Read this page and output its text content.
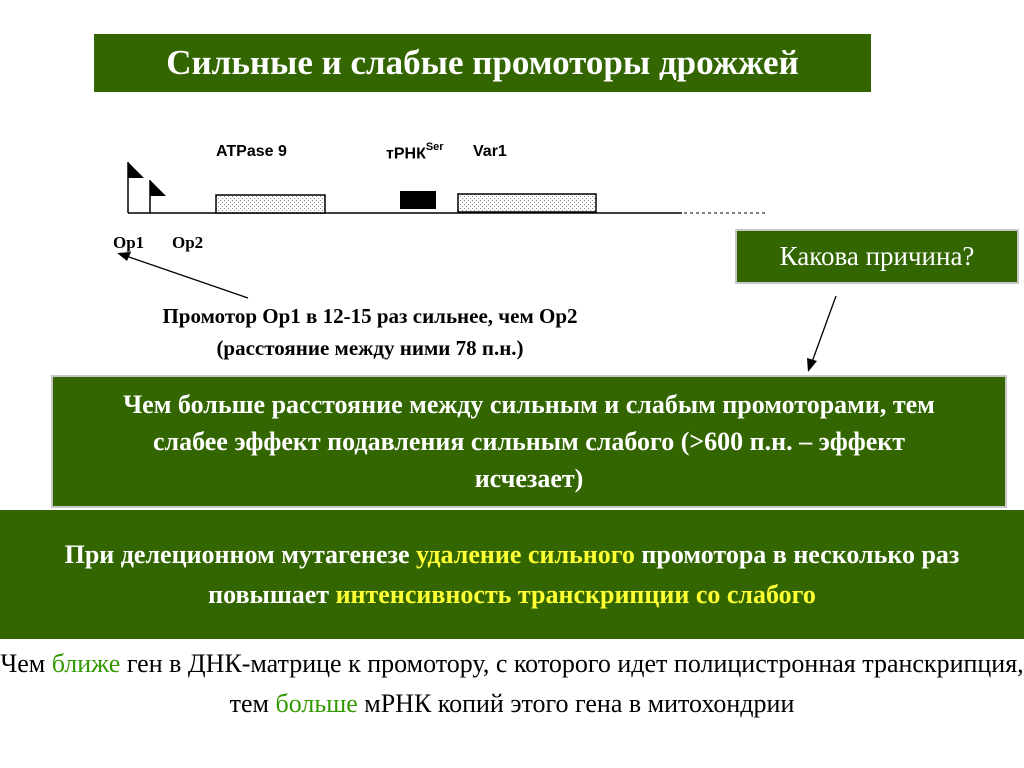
Сильные и слабые промоторы дрожжей
ATPase 9	тРНК$^{Ser}$ Var1
Op1 Op2	Какова причина?
Промотор Op1 в 12-15 раз сильнее, чем Op2
(расстояние между ними 78 п.н.)
Чем больше расстояние между сильным и слабым промоторами, тем слабее эффект подавления сильным слабого (>600 п.н. – эффект исчезает)
При делеционном мутагенезе удаление сильного промотора в несколько раз повышает интенсивность транскрипции со слабого
Чем ближе ген в ДНК-матрице к промотору, с которого идет полицистронная транскрипция, тем больше мРНК копий этого гена в митохондрии
